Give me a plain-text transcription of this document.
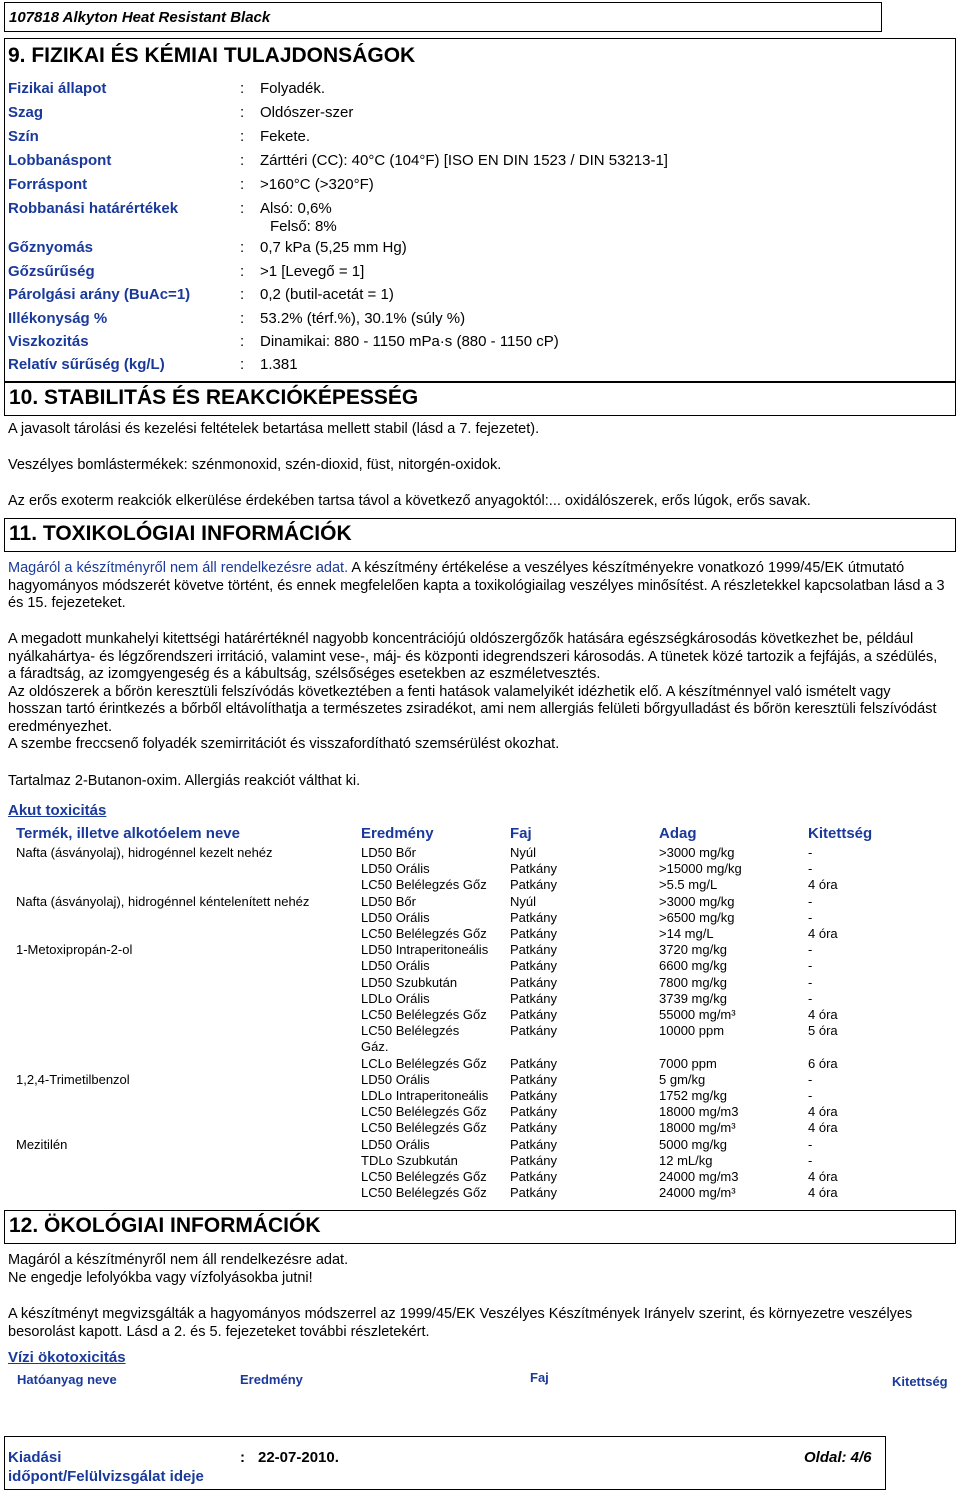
107818 Alkyton Heat Resistant Black
9. FIZIKAI ÉS KÉMIAI TULAJDONSÁGOK
Fizikai állapot	: Folyadék.
Szag	: Oldószer-szer
Szín	: Fekete.
Lobbanáspont	: Zárttéri (CC): 40°C (104°F) [ISO EN DIN 1523 / DIN 53213-1]
Forráspont	: >160°C (>320°F)
Robbanási határértékek	: Alsó: 0,6%
Felső: 8%
Gőznyomás	: 0,7 kPa (5,25 mm Hg)
Gőzsűrűség	: >1 [Levegő = 1]
Párolgási arány (BuAc=1)	: 0,2 (butil-acetát = 1)
Illékonyság %	: 53.2% (térf.%), 30.1% (súly %)
Viszkozitás	: Dinamikai: 880 - 1150 mPa·s (880 - 1150 cP)
Relatív sűrűség (kg/L)	: 1.381
10. STABILITÁS ÉS REAKCIÓKÉPESSÉG
A javasolt tárolási és kezelési feltételek betartása mellett stabil (lásd a 7. fejezetet).
Veszélyes bomlástermékek: szénmonoxid, szén-dioxid, füst, nitorgén-oxidok.
Az erős exoterm reakciók elkerülése érdekében tartsa távol a következő anyagoktól:... oxidálószerek, erős lúgok, erős savak.
11. TOXIKOLÓGIAI INFORMÁCIÓK
Magáról a készítményről nem áll rendelkezésre adat. A készítmény értékelése a veszélyes készítményekre vonatkozó 1999/45/EK útmutató hagyományos módszerét követve történt, és ennek megfelelően kapta a toxikológiailag veszélyes minősítést. A részletekkel kapcsolatban lásd a 3 és 15. fejezeteket.
A megadott munkahelyi kitettségi határértéknél nagyobb koncentrációjú oldószergőzők hatására egészségkárosodás következhet be, például nyálkahártya- és légzőrendszeri irritáció, valamint vese-, máj- és központi idegrendszeri károsodás. A tünetek közé tartozik a fejfájás, a szédülés, a fáradtság, az izomgyengeség és a kábultság, szélsőséges esetekben az eszméletvesztés.
Az oldószerek a bőrön keresztüli felszívódás következtében a fenti hatások valamelyikét idézhetik elő. A készítménnyel való ismételt vagy hosszan tartó érintkezés a bőrből eltávolíthatja a természetes zsiradékot, ami nem allergiás felületi bőrgyulladást és bőrön keresztüli felszívódást eredményezhet.
A szembe freccsenő folyadék szemirritációt és visszafordítható szemsérülést okozhat.
Tartalmaz 2-Butanon-oxim. Allergiás reakciót válthat ki.
Akut toxicitás
Termék, illetve alkotóelem neve	Eredmény	Faj	Adag	Kitettség
Nafta (ásványolaj), hidrogénnel kezelt nehéz	LD50 Bőr	Nyúl	>3000 mg/kg	-
	LD50 Orális	Patkány	>15000 mg/kg	-
	LC50 Belélegzés Gőz	Patkány	>5.5 mg/L	4 óra
Nafta (ásványolaj), hidrogénnel kéntelenített nehéz	LD50 Bőr	Nyúl	>3000 mg/kg	-
	LD50 Orális	Patkány	>6500 mg/kg	-
	LC50 Belélegzés Gőz	Patkány	>14 mg/L	4 óra
1-Metoxipropán-2-ol	LD50 Intraperitoneális	Patkány	3720 mg/kg	-
	LD50 Orális	Patkány	6600 mg/kg	-
	LD50 Szubkután	Patkány	7800 mg/kg	-
	LDLo Orális	Patkány	3739 mg/kg	-
	LC50 Belélegzés Gőz	Patkány	55000 mg/m³	4 óra
	LC50 Belélegzés	Patkány	10000 ppm	5 óra
	Gáz.			
	LCLo Belélegzés Gőz	Patkány	7000 ppm	6 óra
1,2,4-Trimetilbenzol	LD50 Orális	Patkány	5 gm/kg	-
	LDLo Intraperitoneális	Patkány	1752 mg/kg	-
	LC50 Belélegzés Gőz	Patkány	18000 mg/m3	4 óra
	LC50 Belélegzés Gőz	Patkány	18000 mg/m³	4 óra
Mezitilén	LD50 Orális	Patkány	5000 mg/kg	-
	TDLo Szubkután	Patkány	12 mL/kg	-
	LC50 Belélegzés Gőz	Patkány	24000 mg/m3	4 óra
	LC50 Belélegzés Gőz	Patkány	24000 mg/m³	4 óra
12. ÖKOLÓGIAI INFORMÁCIÓK
Magáról a készítményről nem áll rendelkezésre adat.
Ne engedje lefolyókba vagy vízfolyásokba jutni!
A készítményt megvizsgálták a hagyományos módszerrel az 1999/45/EK Veszélyes Készítmények Irányelv szerint, és környezetre veszélyes besorolást kapott. Lásd a 2. és 5. fejezeteket további részletekért.
Vízi ökotoxicitás
Hatóanyag neve	Eredmény	Faj	Kitettség
Kiadási
időpont/Felülvizsgálat ideje
: 22-07-2010.	Oldal: 4/6
